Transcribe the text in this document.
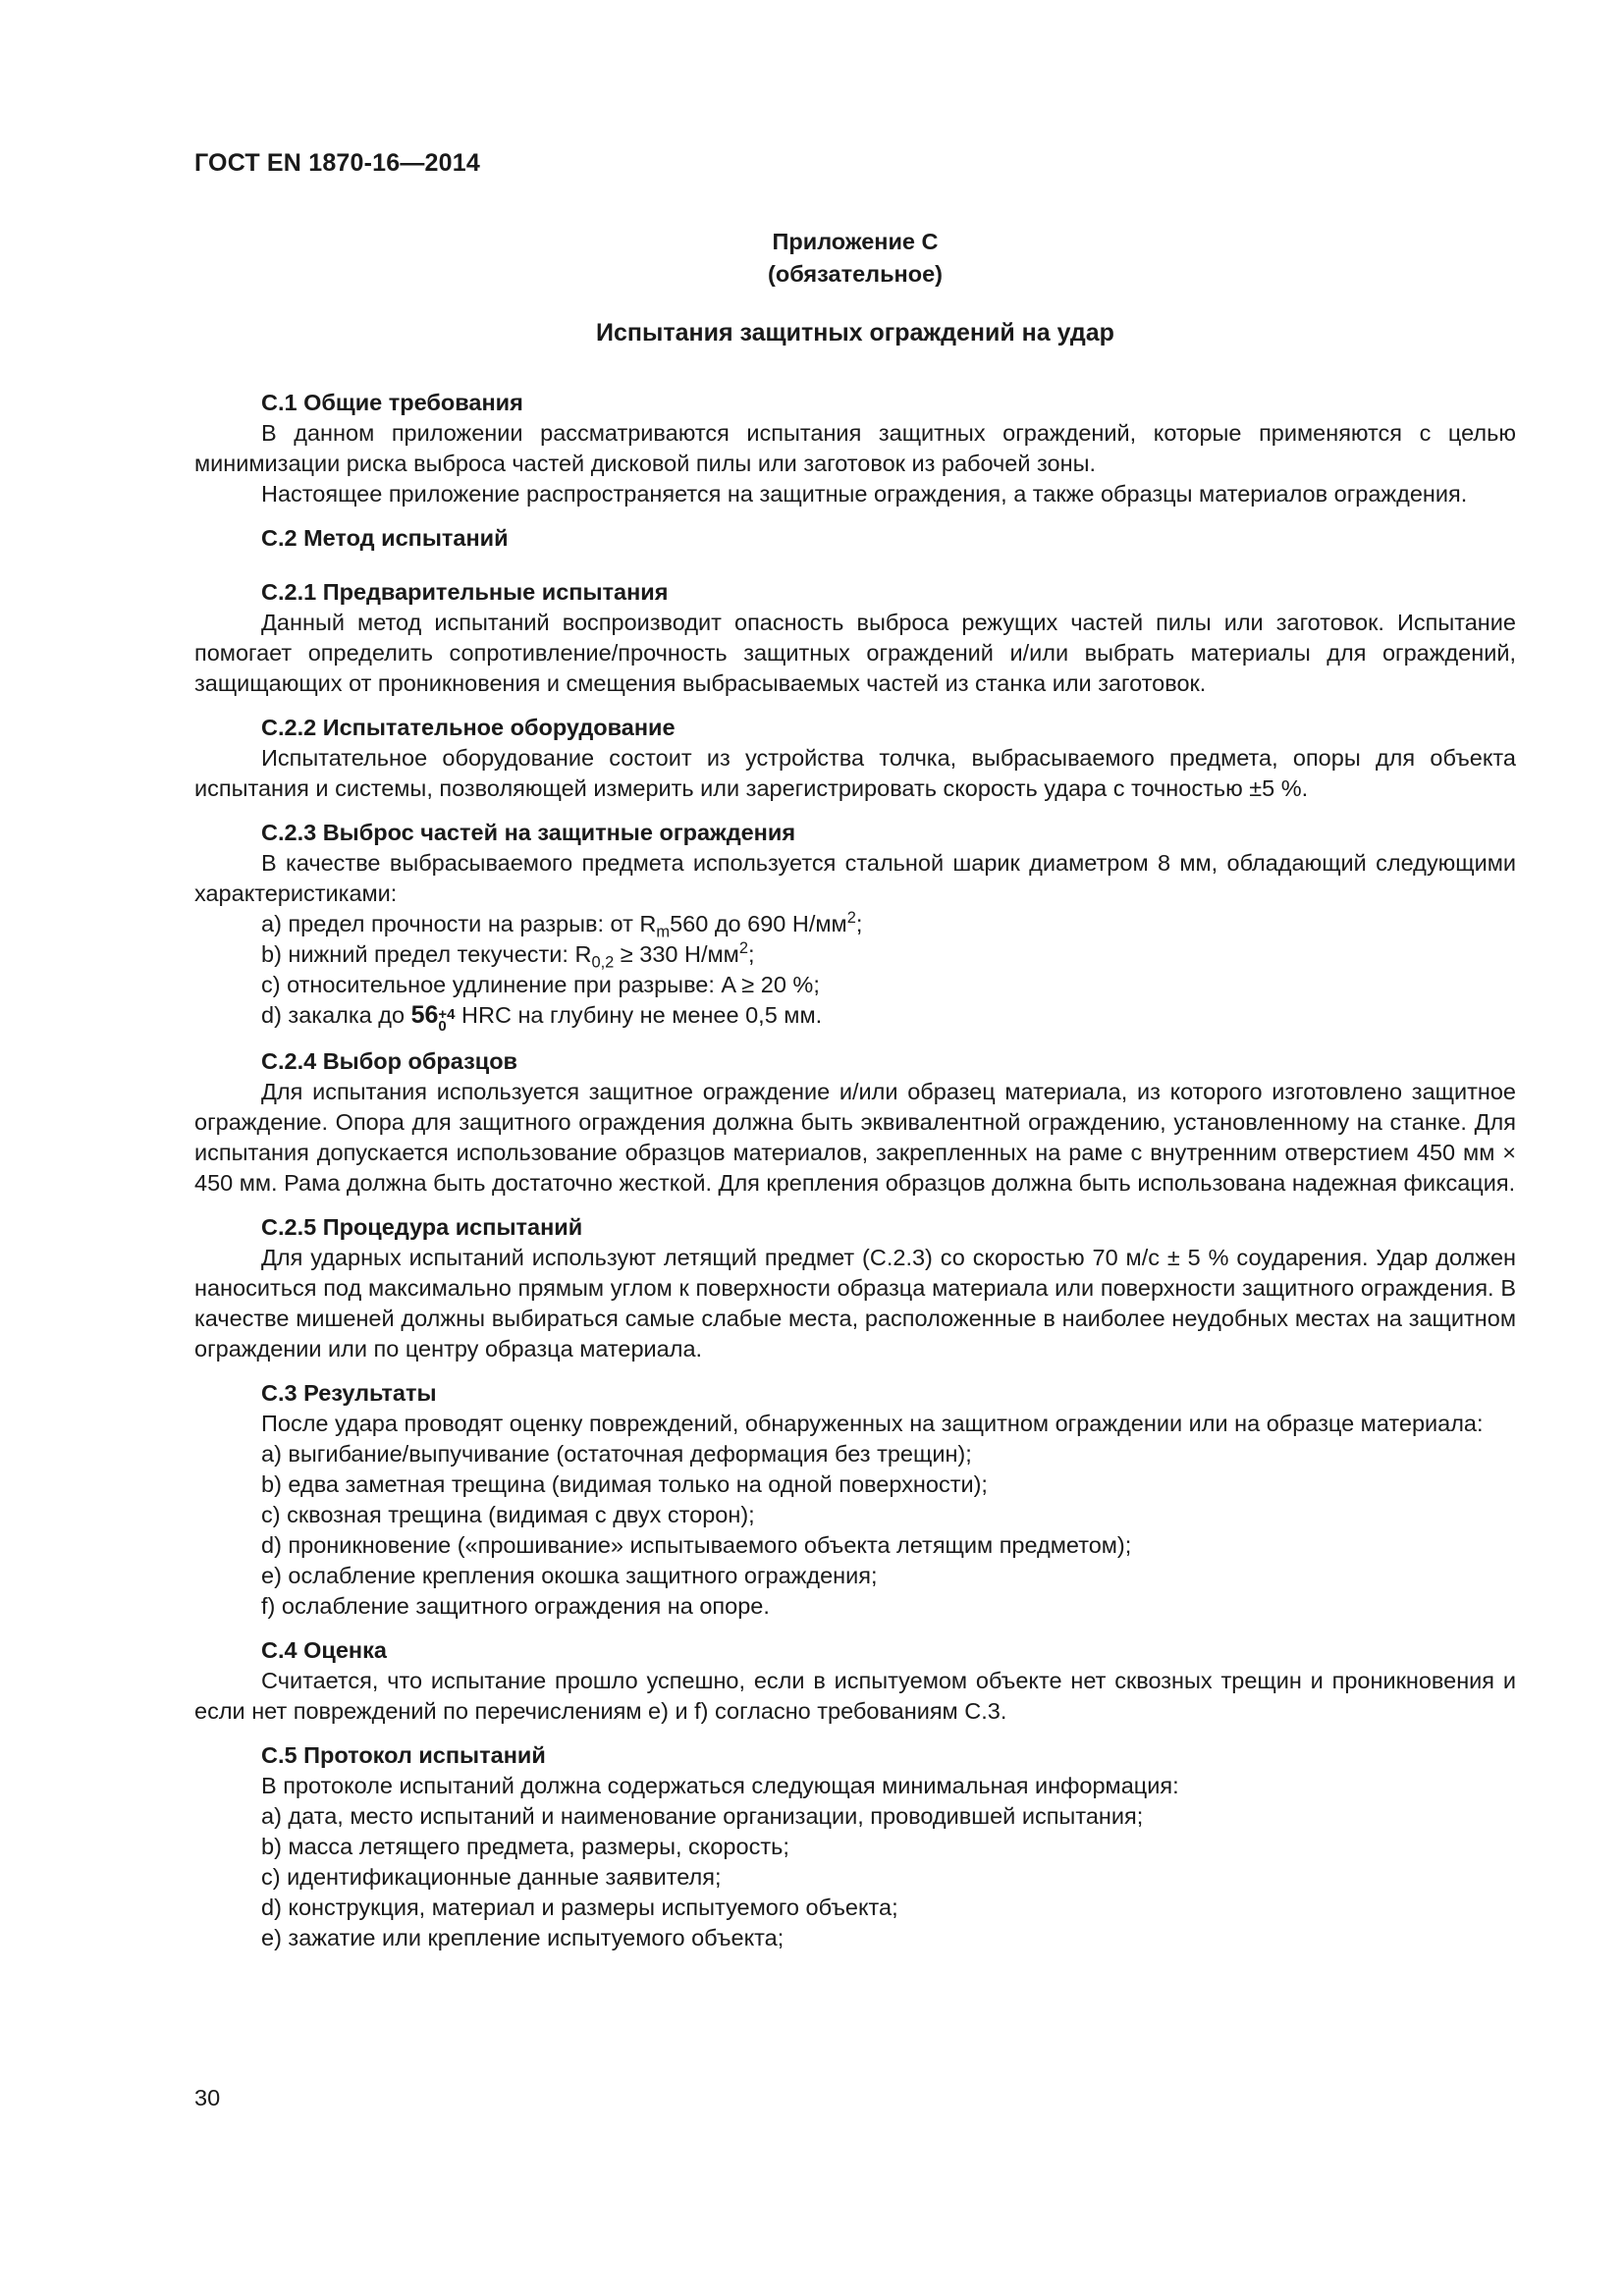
ГОСТ EN 1870-16—2014
Приложение С
(обязательное)
Испытания защитных ограждений на удар
С.1 Общие требования
В данном приложении рассматриваются испытания защитных ограждений, которые применяются с целью минимизации риска выброса частей дисковой пилы или заготовок из рабочей зоны.
Настоящее приложение распространяется на защитные ограждения, а также образцы материалов ограждения.
С.2 Метод испытаний
С.2.1 Предварительные испытания
Данный метод испытаний воспроизводит опасность выброса режущих частей пилы или заготовок. Испытание помогает определить сопротивление/прочность защитных ограждений и/или выбрать материалы для ограждений, защищающих от проникновения и смещения выбрасываемых частей из станка или заготовок.
С.2.2 Испытательное оборудование
Испытательное оборудование состоит из устройства толчка, выбрасываемого предмета, опоры для объекта испытания и системы, позволяющей измерить или зарегистрировать скорость удара с точностью ±5 %.
С.2.3 Выброс частей на защитные ограждения
В качестве выбрасываемого предмета используется стальной шарик диаметром 8 мм, обладающий следующими характеристиками:
a) предел прочности на разрыв: от $R_m560$ до 690 $Н/мм^2$;
b) нижний предел текучести: $R_{0,2} \ge 330$ $Н/мм^2$;
c) относительное удлинение при разрыве: A ≥ 20 %;
d) закалка до 56 +4
0 HRC на глубину не менее 0,5 мм.
С.2.4 Выбор образцов
Для испытания используется защитное ограждение и/или образец материала, из которого изготовлено защитное ограждение. Опора для защитного ограждения должна быть эквивалентной ограждению, установленному на станке. Для испытания допускается использование образцов материалов, закрепленных на раме с внутренним отверстием 450 мм × 450 мм. Рама должна быть достаточно жесткой. Для крепления образцов должна быть использована надежная фиксация.
С.2.5 Процедура испытаний
Для ударных испытаний используют летящий предмет (С.2.3) со скоростью 70 м/с ± 5 % соударения. Удар должен наноситься под максимально прямым углом к поверхности образца материала или поверхности защитного ограждения. В качестве мишеней должны выбираться самые слабые места, расположенные в наиболее неудобных местах на защитном ограждении или по центру образца материала.
С.3 Результаты
После удара проводят оценку повреждений, обнаруженных на защитном ограждении или на образце материала:
a) выгибание/выпучивание (остаточная деформация без трещин);
b) едва заметная трещина (видимая только на одной поверхности);
c) сквозная трещина (видимая с двух сторон);
d) проникновение («прошивание» испытываемого объекта летящим предметом);
e) ослабление крепления окошка защитного ограждения;
f) ослабление защитного ограждения на опоре.
С.4 Оценка
Считается, что испытание прошло успешно, если в испытуемом объекте нет сквозных трещин и проникновения и если нет повреждений по перечислениям e) и f) согласно требованиям С.3.
С.5 Протокол испытаний
В протоколе испытаний должна содержаться следующая минимальная информация:
a) дата, место испытаний и наименование организации, проводившей испытания;
b) масса летящего предмета, размеры, скорость;
c) идентификационные данные заявителя;
d) конструкция, материал и размеры испытуемого объекта;
e) зажатие или крепление испытуемого объекта;
30
